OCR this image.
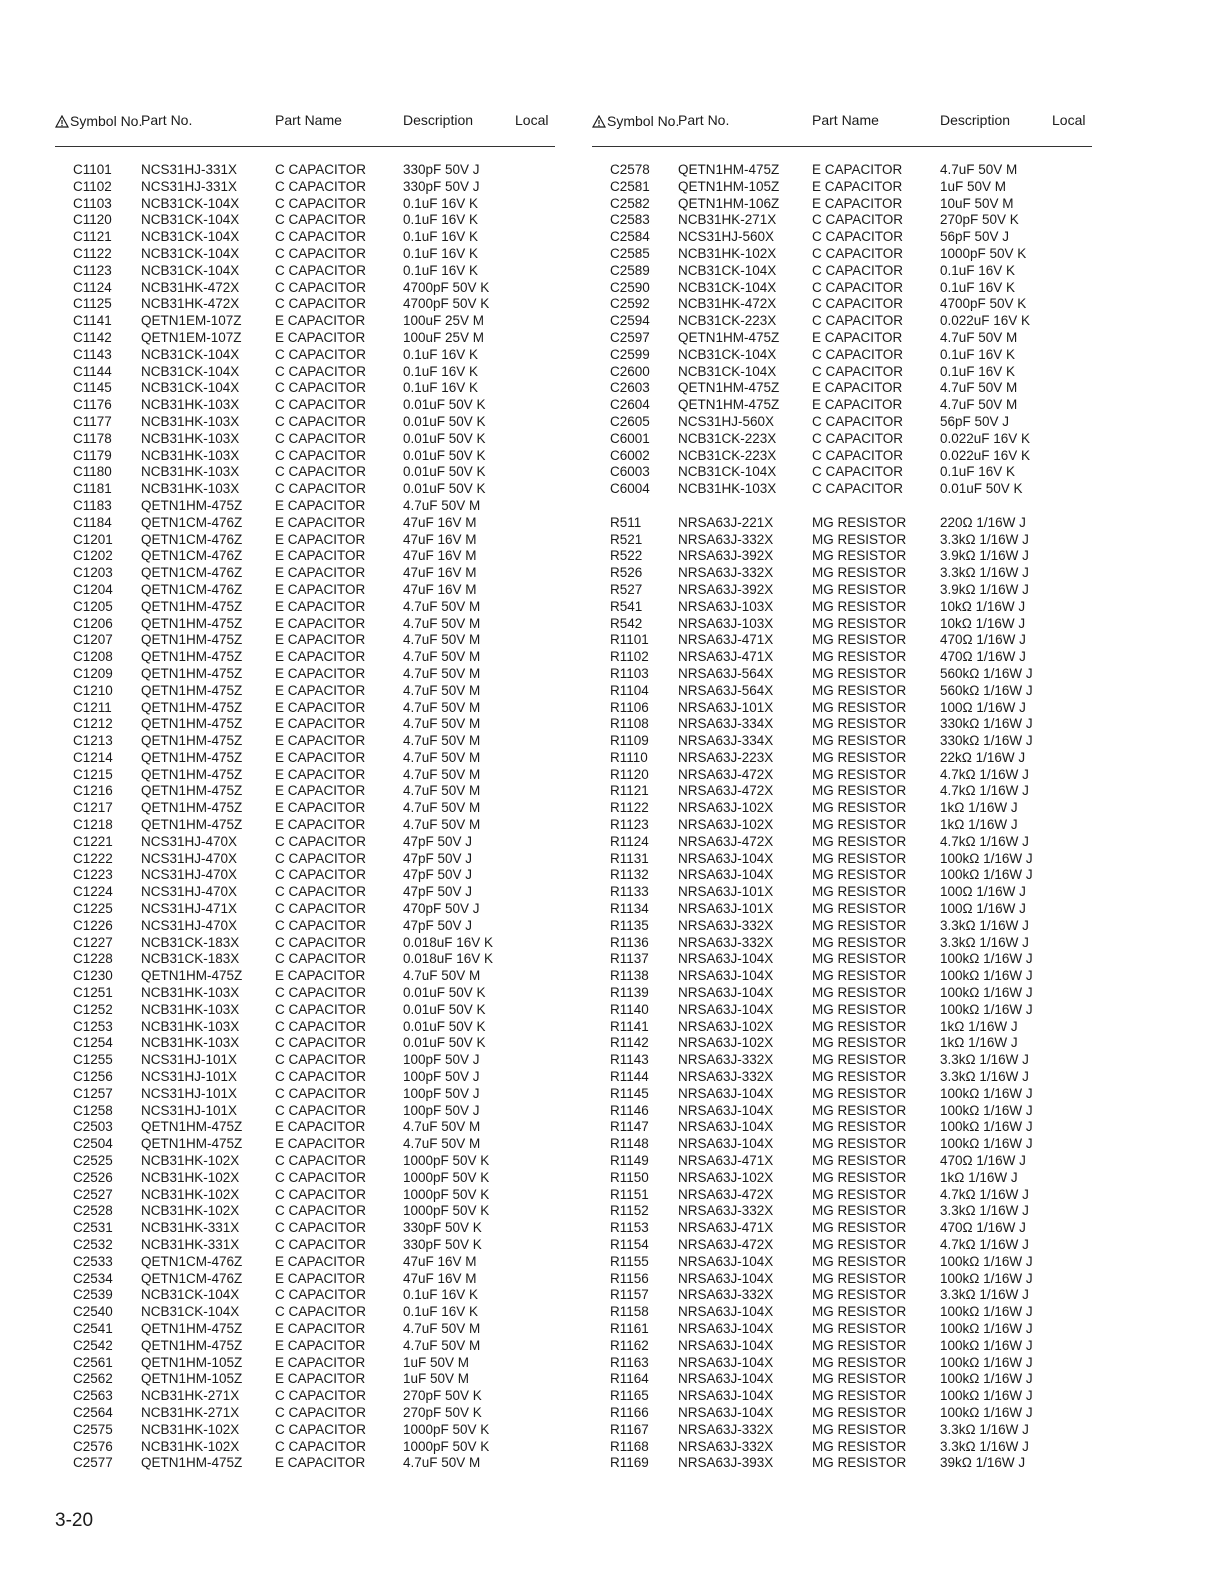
Symbol No.
Part No.	Part Name	Description	Local
C1101 NCS31HJ-331X	C CAPACITOR	330pF 50V J
C1102 NCS31HJ-331X	C CAPACITOR	330pF 50V J
C1103 NCB31CK-104X	C CAPACITOR	0.1uF 16V K
C1120 NCB31CK-104X	C CAPACITOR	0.1uF 16V K
C1121 NCB31CK-104X	C CAPACITOR	0.1uF 16V K
C1122 NCB31CK-104X	C CAPACITOR	0.1uF 16V K
C1123 NCB31CK-104X	C CAPACITOR	0.1uF 16V K
C1124 NCB31HK-472X	C CAPACITOR	4700pF 50V K
C1125 NCB31HK-472X	C CAPACITOR	4700pF 50V K
C1141 QETN1EM-107Z E CAPACITOR	100uF 25V M
C1142 QETN1EM-107Z E CAPACITOR	100uF 25V M
C1143 NCB31CK-104X	C CAPACITOR	0.1uF 16V K
C1144 NCB31CK-104X	C CAPACITOR	0.1uF 16V K
C1145 NCB31CK-104X	C CAPACITOR	0.1uF 16V K
C1176 NCB31HK-103X	C CAPACITOR	0.01uF 50V K
C1177 NCB31HK-103X	C CAPACITOR	0.01uF 50V K
C1178 NCB31HK-103X	C CAPACITOR	0.01uF 50V K
C1179 NCB31HK-103X	C CAPACITOR	0.01uF 50V K
C1180 NCB31HK-103X	C CAPACITOR	0.01uF 50V K
C1181 NCB31HK-103X	C CAPACITOR	0.01uF 50V K
C1183 QETN1HM-475Z E CAPACITOR	4.7uF 50V M
C1184 QETN1CM-476Z E CAPACITOR	47uF 16V M
C1201 QETN1CM-476Z E CAPACITOR	47uF 16V M
C1202 QETN1CM-476Z E CAPACITOR	47uF 16V M
C1203 QETN1CM-476Z E CAPACITOR	47uF 16V M
C1204 QETN1CM-476Z E CAPACITOR	47uF 16V M
C1205 QETN1HM-475Z E CAPACITOR	4.7uF 50V M
C1206 QETN1HM-475Z E CAPACITOR	4.7uF 50V M
C1207 QETN1HM-475Z E CAPACITOR	4.7uF 50V M
C1208 QETN1HM-475Z E CAPACITOR	4.7uF 50V M
C1209 QETN1HM-475Z E CAPACITOR	4.7uF 50V M
C1210 QETN1HM-475Z E CAPACITOR	4.7uF 50V M
C1211 QETN1HM-475Z E CAPACITOR	4.7uF 50V M
C1212 QETN1HM-475Z E CAPACITOR	4.7uF 50V M
C1213 QETN1HM-475Z E CAPACITOR	4.7uF 50V M
C1214 QETN1HM-475Z E CAPACITOR	4.7uF 50V M
C1215 QETN1HM-475Z E CAPACITOR	4.7uF 50V M
C1216 QETN1HM-475Z E CAPACITOR	4.7uF 50V M
C1217 QETN1HM-475Z E CAPACITOR	4.7uF 50V M
C1218 QETN1HM-475Z E CAPACITOR	4.7uF 50V M
C1221 NCS31HJ-470X	C CAPACITOR	47pF 50V J
C1222 NCS31HJ-470X	C CAPACITOR	47pF 50V J
C1223 NCS31HJ-470X	C CAPACITOR	47pF 50V J
C1224 NCS31HJ-470X	C CAPACITOR	47pF 50V J
C1225 NCS31HJ-471X	C CAPACITOR	470pF 50V J
C1226 NCS31HJ-470X	C CAPACITOR	47pF 50V J
C1227 NCB31CK-183X	C CAPACITOR	0.018uF 16V K
C1228 NCB31CK-183X	C CAPACITOR	0.018uF 16V K
C1230 QETN1HM-475Z E CAPACITOR	4.7uF 50V M
C1251 NCB31HK-103X	C CAPACITOR	0.01uF 50V K
C1252 NCB31HK-103X	C CAPACITOR	0.01uF 50V K
C1253 NCB31HK-103X	C CAPACITOR	0.01uF 50V K
C1254 NCB31HK-103X	C CAPACITOR	0.01uF 50V K
C1255 NCS31HJ-101X	C CAPACITOR	100pF 50V J
C1256 NCS31HJ-101X	C CAPACITOR	100pF 50V J
C1257 NCS31HJ-101X	C CAPACITOR	100pF 50V J
C1258 NCS31HJ-101X	C CAPACITOR	100pF 50V J
C2503 QETN1HM-475Z E CAPACITOR	4.7uF 50V M
C2504 QETN1HM-475Z E CAPACITOR	4.7uF 50V M
C2525 NCB31HK-102X	C CAPACITOR	1000pF 50V K
C2526 NCB31HK-102X	C CAPACITOR	1000pF 50V K
C2527 NCB31HK-102X	C CAPACITOR	1000pF 50V K
C2528 NCB31HK-102X	C CAPACITOR	1000pF 50V K
C2531 NCB31HK-331X	C CAPACITOR	330pF 50V K
C2532 NCB31HK-331X	C CAPACITOR	330pF 50V K
C2533 QETN1CM-476Z E CAPACITOR	47uF 16V M
C2534 QETN1CM-476Z E CAPACITOR	47uF 16V M
C2539 NCB31CK-104X	C CAPACITOR	0.1uF 16V K
C2540 NCB31CK-104X	C CAPACITOR	0.1uF 16V K
C2541 QETN1HM-475Z E CAPACITOR	4.7uF 50V M
C2542 QETN1HM-475Z E CAPACITOR	4.7uF 50V M
C2561 QETN1HM-105Z E CAPACITOR	1uF 50V M
C2562 QETN1HM-105Z E CAPACITOR	1uF 50V M
C2563 NCB31HK-271X	C CAPACITOR	270pF 50V K
C2564 NCB31HK-271X	C CAPACITOR	270pF 50V K
C2575 NCB31HK-102X	C CAPACITOR	1000pF 50V K
C2576 NCB31HK-102X	C CAPACITOR	1000pF 50V K
C2577 QETN1HM-475Z E CAPACITOR	4.7uF 50V M
Symbol No.
Part No.	Part Name	Description	Local
C2578 QETN1HM-475Z E CAPACITOR	4.7uF 50V M
C2581 QETN1HM-105Z E CAPACITOR	1uF 50V M
C2582 QETN1HM-106Z E CAPACITOR	10uF 50V M
C2583 NCB31HK-271X	C CAPACITOR	270pF 50V K
C2584 NCS31HJ-560X	C CAPACITOR	56pF 50V J
C2585 NCB31HK-102X	C CAPACITOR	1000pF 50V K
C2589 NCB31CK-104X	C CAPACITOR	0.1uF 16V K
C2590 NCB31CK-104X	C CAPACITOR	0.1uF 16V K
C2592 NCB31HK-472X	C CAPACITOR	4700pF 50V K
C2594 NCB31CK-223X	C CAPACITOR	0.022uF 16V K
C2597 QETN1HM-475Z E CAPACITOR	4.7uF 50V M
C2599 NCB31CK-104X	C CAPACITOR	0.1uF 16V K
C2600 NCB31CK-104X	C CAPACITOR	0.1uF 16V K
C2603 QETN1HM-475Z E CAPACITOR	4.7uF 50V M
C2604 QETN1HM-475Z E CAPACITOR	4.7uF 50V M
C2605 NCS31HJ-560X	C CAPACITOR	56pF 50V J
C6001 NCB31CK-223X	C CAPACITOR	0.022uF 16V K
C6002 NCB31CK-223X	C CAPACITOR	0.022uF 16V K
C6003 NCB31CK-104X	C CAPACITOR	0.1uF 16V K
C6004 NCB31HK-103X	C CAPACITOR	0.01uF 50V K
R511	NRSA63J-221X	MG RESISTOR 220Ω 1/16W J
R521	NRSA63J-332X	MG RESISTOR 3.3kΩ 1/16W J
R522	NRSA63J-392X	MG RESISTOR 3.9kΩ 1/16W J
R526	NRSA63J-332X	MG RESISTOR 3.3kΩ 1/16W J
R527	NRSA63J-392X	MG RESISTOR 3.9kΩ 1/16W J
R541	NRSA63J-103X	MG RESISTOR 10kΩ 1/16W J
R542	NRSA63J-103X	MG RESISTOR 10kΩ 1/16W J
R1101 NRSA63J-471X	MG RESISTOR 470Ω 1/16W J
R1102 NRSA63J-471X	MG RESISTOR 470Ω 1/16W J
R1103 NRSA63J-564X	MG RESISTOR 560kΩ 1/16W J
R1104 NRSA63J-564X	MG RESISTOR 560kΩ 1/16W J
R1106 NRSA63J-101X	MG RESISTOR 100Ω 1/16W J
R1108 NRSA63J-334X	MG RESISTOR 330kΩ 1/16W J
R1109 NRSA63J-334X	MG RESISTOR 330kΩ 1/16W J
R1110 NRSA63J-223X	MG RESISTOR 22kΩ 1/16W J
R1120 NRSA63J-472X	MG RESISTOR 4.7kΩ 1/16W J
R1121 NRSA63J-472X	MG RESISTOR 4.7kΩ 1/16W J
R1122 NRSA63J-102X	MG RESISTOR 1kΩ 1/16W J
R1123 NRSA63J-102X	MG RESISTOR 1kΩ 1/16W J
R1124 NRSA63J-472X	MG RESISTOR 4.7kΩ 1/16W J
R1131 NRSA63J-104X	MG RESISTOR 100kΩ 1/16W J
R1132 NRSA63J-104X	MG RESISTOR 100kΩ 1/16W J
R1133 NRSA63J-101X	MG RESISTOR 100Ω 1/16W J
R1134 NRSA63J-101X	MG RESISTOR 100Ω 1/16W J
R1135 NRSA63J-332X	MG RESISTOR 3.3kΩ 1/16W J
R1136 NRSA63J-332X	MG RESISTOR 3.3kΩ 1/16W J
R1137 NRSA63J-104X	MG RESISTOR 100kΩ 1/16W J
R1138 NRSA63J-104X	MG RESISTOR 100kΩ 1/16W J
R1139 NRSA63J-104X	MG RESISTOR 100kΩ 1/16W J
R1140 NRSA63J-104X	MG RESISTOR 100kΩ 1/16W J
R1141 NRSA63J-102X	MG RESISTOR 1kΩ 1/16W J
R1142 NRSA63J-102X	MG RESISTOR 1kΩ 1/16W J
R1143 NRSA63J-332X	MG RESISTOR 3.3kΩ 1/16W J
R1144 NRSA63J-332X	MG RESISTOR 3.3kΩ 1/16W J
R1145 NRSA63J-104X	MG RESISTOR 100kΩ 1/16W J
R1146 NRSA63J-104X	MG RESISTOR 100kΩ 1/16W J
R1147 NRSA63J-104X	MG RESISTOR 100kΩ 1/16W J
R1148 NRSA63J-104X	MG RESISTOR 100kΩ 1/16W J
R1149 NRSA63J-471X	MG RESISTOR 470Ω 1/16W J
R1150 NRSA63J-102X	MG RESISTOR 1kΩ 1/16W J
R1151 NRSA63J-472X	MG RESISTOR 4.7kΩ 1/16W J
R1152 NRSA63J-332X	MG RESISTOR 3.3kΩ 1/16W J
R1153 NRSA63J-471X	MG RESISTOR 470Ω 1/16W J
R1154 NRSA63J-472X	MG RESISTOR 4.7kΩ 1/16W J
R1155 NRSA63J-104X	MG RESISTOR 100kΩ 1/16W J
R1156 NRSA63J-104X	MG RESISTOR 100kΩ 1/16W J
R1157 NRSA63J-332X	MG RESISTOR 3.3kΩ 1/16W J
R1158 NRSA63J-104X	MG RESISTOR 100kΩ 1/16W J
R1161 NRSA63J-104X	MG RESISTOR 100kΩ 1/16W J
R1162 NRSA63J-104X	MG RESISTOR 100kΩ 1/16W J
R1163 NRSA63J-104X	MG RESISTOR 100kΩ 1/16W J
R1164 NRSA63J-104X	MG RESISTOR 100kΩ 1/16W J
R1165 NRSA63J-104X	MG RESISTOR 100kΩ 1/16W J
R1166 NRSA63J-104X	MG RESISTOR 100kΩ 1/16W J
R1167 NRSA63J-332X	MG RESISTOR 3.3kΩ 1/16W J
R1168 NRSA63J-332X	MG RESISTOR 3.3kΩ 1/16W J
R1169 NRSA63J-393X	MG RESISTOR 39kΩ 1/16W J
3-20
